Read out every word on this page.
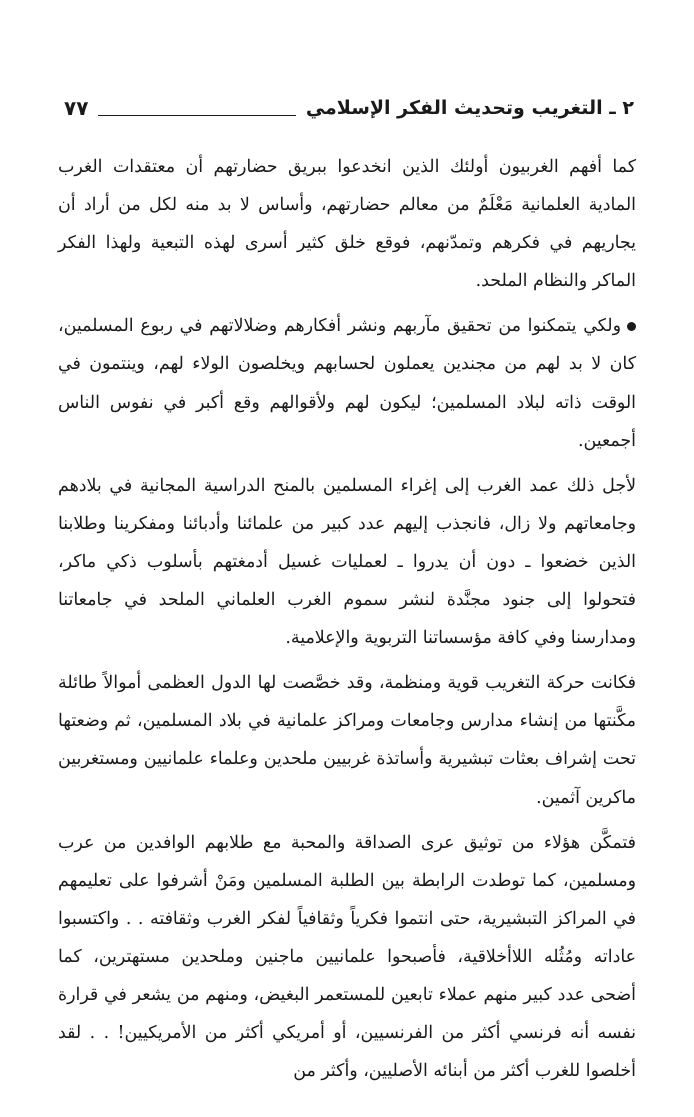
٢ ـ التغريب وتحديث الفكر الإسلامي
٧٧

كما أفهم الغربيون أولئك الذين انخدعوا ببريق حضارتهم أن معتقدات الغرب المادية العلمانية مَعْلَمٌ من معالم حضارتهم، وأساس لا بد منه لكل من أراد أن يجاريهم في فكرهم وتمدّنهم، فوقع خلق كثير أسرى لهذه التبعية ولهذا الفكر الماكر والنظام الملحد.

ولكي يتمكنوا من تحقيق مآربهم ونشر أفكارهم وضلالاتهم في ربوع المسلمين، كان لا بد لهم من مجندين يعملون لحسابهم ويخلصون الولاء لهم، وينتمون في الوقت ذاته لبلاد المسلمين؛ ليكون لهم ولأقوالهم وقع أكبر في نفوس الناس أجمعين.

لأجل ذلك عمد الغرب إلى إغراء المسلمين بالمنح الدراسية المجانية في بلادهم وجامعاتهم ولا زال، فانجذب إليهم عدد كبير من علمائنا وأدبائنا ومفكرينا وطلابنا الذين خضعوا ـ دون أن يدروا ـ لعمليات غسيل أدمغتهم بأسلوب ذكي ماكر، فتحولوا إلى جنود مجنَّدة لنشر سموم الغرب العلماني الملحد في جامعاتنا ومدارسنا وفي كافة مؤسساتنا التربوية والإعلامية.

فكانت حركة التغريب قوية ومنظمة، وقد خصَّصت لها الدول العظمى أموالاً طائلة مكَّنتها من إنشاء مدارس وجامعات ومراكز علمانية في بلاد المسلمين، ثم وضعتها تحت إشراف بعثات تبشيرية وأساتذة غربيين ملحدين وعلماء علمانيين ومستغربين ماكرين آثمين.

فتمكَّن هؤلاء من توثيق عرى الصداقة والمحبة مع طلابهم الوافدين من عرب ومسلمين، كما توطدت الرابطة بين الطلبة المسلمين ومَنْ أشرفوا على تعليمهم في المراكز التبشيرية، حتى انتموا فكرياً وثقافياً لفكر الغرب وثقافته . . واكتسبوا عاداته ومُثُله اللاأخلاقية، فأصبحوا علمانيين ماجنين وملحدين مستهترين، كما أضحى عدد كبير منهم عملاء تابعين للمستعمر البغيض، ومنهم من يشعر في قرارة نفسه أنه فرنسي أكثر من الفرنسيين، أو أمريكي أكثر من الأمريكيين! . . لقد أخلصوا للغرب أكثر من أبنائه الأصليين، وأكثر من
